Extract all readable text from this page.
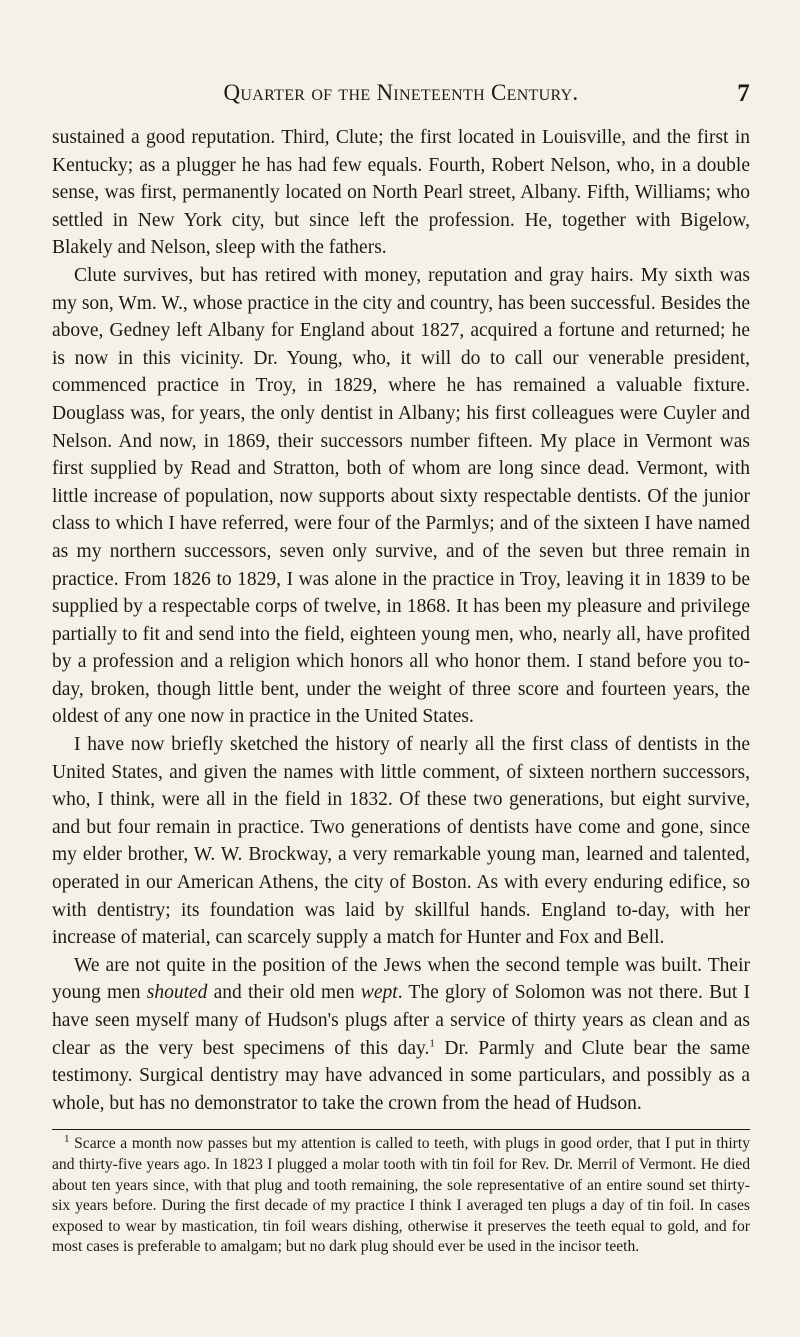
Quarter of the Nineteenth Century.	7

sustained a good reputation. Third, Clute; the first located in Louisville, and the first in Kentucky; as a plugger he has had few equals. Fourth, Robert Nelson, who, in a double sense, was first, permanently located on North Pearl street, Albany. Fifth, Williams; who settled in New York city, but since left the profession. He, together with Bigelow, Blakely and Nelson, sleep with the fathers.

Clute survives, but has retired with money, reputation and gray hairs. My sixth was my son, Wm. W., whose practice in the city and country, has been successful. Besides the above, Gedney left Albany for England about 1827, acquired a fortune and returned; he is now in this vicinity. Dr. Young, who, it will do to call our venerable president, commenced practice in Troy, in 1829, where he has remained a valuable fixture. Douglass was, for years, the only dentist in Albany; his first colleagues were Cuyler and Nelson. And now, in 1869, their successors number fifteen. My place in Vermont was first supplied by Read and Stratton, both of whom are long since dead. Vermont, with little increase of population, now supports about sixty respectable dentists. Of the junior class to which I have referred, were four of the Parmlys; and of the sixteen I have named as my northern successors, seven only survive, and of the seven but three remain in practice. From 1826 to 1829, I was alone in the practice in Troy, leaving it in 1839 to be supplied by a respectable corps of twelve, in 1868. It has been my pleasure and privilege partially to fit and send into the field, eighteen young men, who, nearly all, have profited by a profession and a religion which honors all who honor them. I stand before you to-day, broken, though little bent, under the weight of three score and fourteen years, the oldest of any one now in practice in the United States.

I have now briefly sketched the history of nearly all the first class of dentists in the United States, and given the names with little comment, of sixteen northern successors, who, I think, were all in the field in 1832. Of these two generations, but eight survive, and but four remain in practice. Two generations of dentists have come and gone, since my elder brother, W. W. Brockway, a very remarkable young man, learned and talented, operated in our American Athens, the city of Boston. As with every enduring edifice, so with dentistry; its foundation was laid by skillful hands. England to-day, with her increase of material, can scarcely supply a match for Hunter and Fox and Bell.

We are not quite in the position of the Jews when the second temple was built. Their young men shouted and their old men wept. The glory of Solomon was not there. But I have seen myself many of Hudson's plugs after a service of thirty years as clean and as clear as the very best specimens of this day.$^1$ Dr. Parmly and Clute bear the same testimony. Surgical dentistry may have advanced in some particulars, and possibly as a whole, but has no demonstrator to take the crown from the head of Hudson.

$^1$ Scarce a month now passes but my attention is called to teeth, with plugs in good order, that I put in thirty and thirty-five years ago. In 1823 I plugged a molar tooth with tin foil for Rev. Dr. Merril of Vermont. He died about ten years since, with that plug and tooth remaining, the sole representative of an entire sound set thirty-six years before. During the first decade of my practice I think I averaged ten plugs a day of tin foil. In cases exposed to wear by mastication, tin foil wears dishing, otherwise it preserves the teeth equal to gold, and for most cases is preferable to amalgam; but no dark plug should ever be used in the incisor teeth.
